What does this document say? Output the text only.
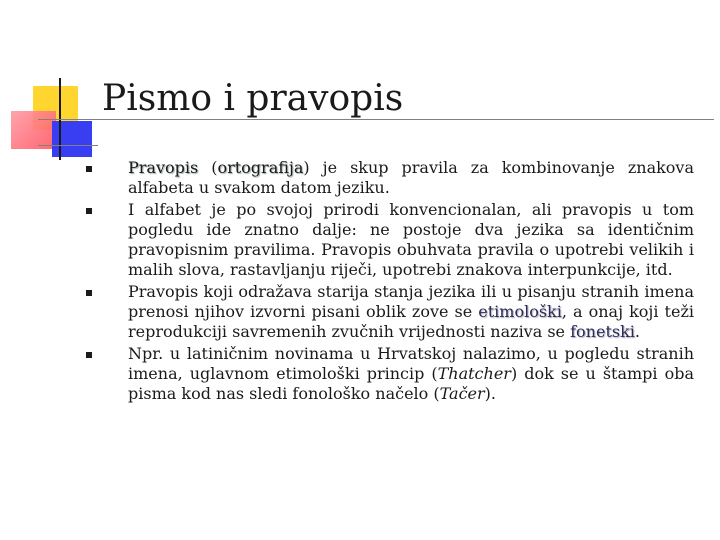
Pismo i pravopis
Pravopis (ortografija) je skup pravila za kombinovanje znakova alfabeta u svakom datom jeziku.
I alfabet je po svojoj prirodi konvencionalan, ali pravopis u tom pogledu ide znatno dalje: ne postoje dva jezika sa identičnim pravopisnim pravilima. Pravopis obuhvata pravila o upotrebi velikih i malih slova, rastavljanju riječi, upotrebi znakova interpunkcije, itd.
Pravopis koji odražava starija stanja jezika ili u pisanju stranih imena prenosi njihov izvorni pisani oblik zove se etimološki, a onaj koji teži reprodukciji savremenih zvučnih vrijednosti naziva se fonetski.
Npr. u latiničnim novinama u Hrvatskoj nalazimo, u pogledu stranih imena, uglavnom etimološki princip (Thatcher) dok se u štampi oba pisma kod nas sledi fonološko načelo (Tačer).
